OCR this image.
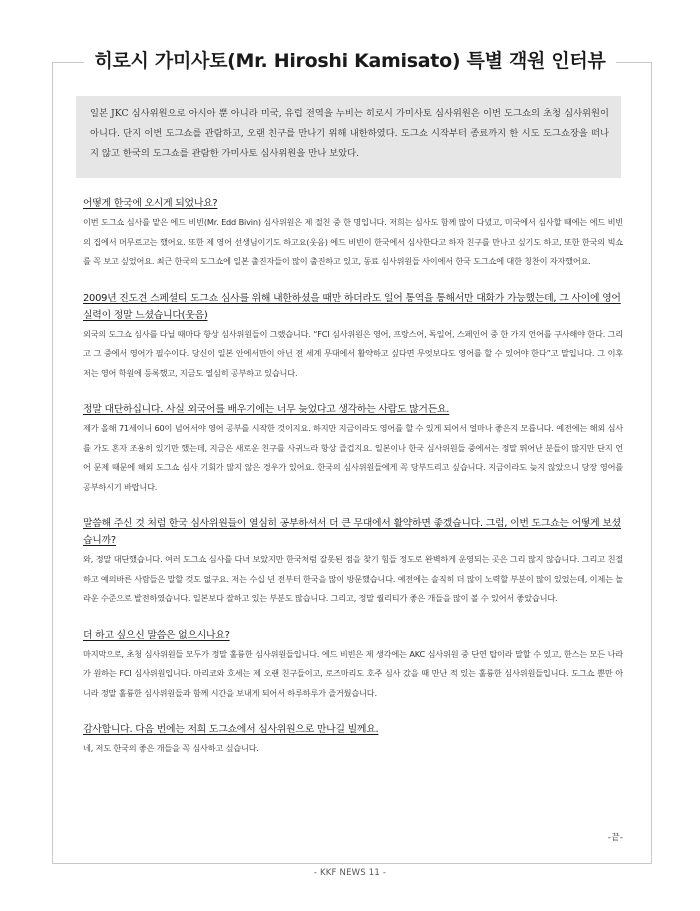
히로시 가미사토(Mr. Hiroshi Kamisato) 특별 객원 인터뷰
일본 JKC 심사위원으로 아시아 뿐 아니라 미국, 유럽 전역을 누비는 히로시 가미사토 심사위원은 이번 도그쇼의 초청 심사위원이 아니다. 단지 이번 도그쇼를 관람하고, 오랜 친구를 만나기 위해 내한하였다. 도그쇼 시작부터 종료까지 한 시도 도그쇼장을 떠나지 않고 한국의 도그쇼를 관람한 가미사토 심사위원을 만나 보았다.

어떻게 한국에 오시게 되었나요?

이번 도그쇼 심사를 맡은 에드 비빈(Mr. Edd Bivin) 심사위원은 제 절친 중 한 명입니다. 저희는 심사도 함께 많이 다녔고, 미국에서 심사할 때에는 에드 비빈의 집에서 머무르고는 했어요. 또한 제 영어 선생님이기도 하고요(웃음) 에드 비빈이 한국에서 심사한다고 하자 친구를 만나고 싶기도 하고, 또한 한국의 빅쇼를 꼭 보고 싶었어요. 최근 한국의 도그쇼에 일본 출진자들이 많이 출진하고 있고, 동료 심사위원들 사이에서 한국 도그쇼에 대한 칭찬이 자자했어요.

2009년 진도견 스페셜티 도그쇼 심사를 위해 내한하셨을 때만 하더라도 일어 통역을 통해서만 대화가 가능했는데, 그 사이에 영어 실력이 정말 느셨습니다(웃음)

외국의 도그쇼 심사를 다닐 때마다 항상 심사위원들이 그랬습니다. “FCI 심사위원은 영어, 프랑스어, 독일어, 스페인어 중 한 가지 언어를 구사해야 한다. 그리고 그 중에서 영어가 필수이다. 당신이 일본 안에서만이 아닌 전 세계 무대에서 활약하고 싶다면 무엇보다도 영어를 할 수 있어야 한다”고 말입니다. 그 이후 저는 영어 학원에 등록했고, 지금도 열심히 공부하고 있습니다.

정말 대단하십니다. 사실 외국어를 배우기에는 너무 늦었다고 생각하는 사람도 많거든요.

제가 올해 71세이니 60이 넘어서야 영어 공부를 시작한 것이지요. 하지만 지금이라도 영어를 할 수 있게 되어서 얼마나 좋은지 모릅니다. 예전에는 해외 심사를 가도 혼자 조용히 있기만 했는데, 지금은 새로운 친구를 사귀느라 항상 즐겁지요. 일본이나 한국 심사위원들 중에서는 정말 뛰어난 분들이 많지만 단지 언어 문제 때문에 해외 도그쇼 심사 기회가 많지 않은 경우가 있어요. 한국의 심사위원들에게 꼭 당부드리고 싶습니다. 지금이라도 늦지 않았으니 당장 영어를 공부하시기 바랍니다.

말씀해 주신 것 처럼 한국 심사위원들이 열심히 공부하셔서 더 큰 무대에서 활약하면 좋겠습니다. 그럼, 이번 도그쇼는 어떻게 보셨습니까?

와, 정말 대단했습니다. 여러 도그쇼 심사를 다녀 보았지만 한국처럼 잘못된 점을 찾기 힘들 정도로 완벽하게 운영되는 곳은 그리 많지 않습니다. 그리고 친절하고 예의바른 사람들은 말할 것도 없구요. 저는 수십 년 전부터 한국을 많이 방문했습니다. 예전에는 솔직히 더 많이 노력할 부분이 많이 있었는데, 이제는 놀라운 수준으로 발전하였습니다. 일본보다 잘하고 있는 부분도 많습니다. 그리고, 정말 퀄리티가 좋은 개들을 많이 볼 수 있어서 좋았습니다.

더 하고 싶으신 말씀은 없으시나요?

마지막으로, 초청 심사위원들 모두가 정말 훌륭한 심사위원들입니다. 에드 비빈은 제 생각에는 AKC 심사위원 중 단연 탑이라 말할 수 있고, 한스는 모든 나라가 원하는 FCI 심사위원입니다. 마리코와 호세는 제 오랜 친구들이고, 로즈마리도 호주 심사 갔을 때 만난 적 있는 훌륭한 심사위원들입니다. 도그쇼 뿐만 아니라 정말 훌륭한 심사위원들과 함께 시간을 보내게 되어서 하루하루가 즐거웠습니다.

감사합니다. 다음 번에는 저희 도그쇼에서 심사위원으로 만나길 빌께요.

네, 저도 한국의 좋은 개들을 꼭 심사하고 싶습니다.

-끝-
- KKF NEWS 11 -
